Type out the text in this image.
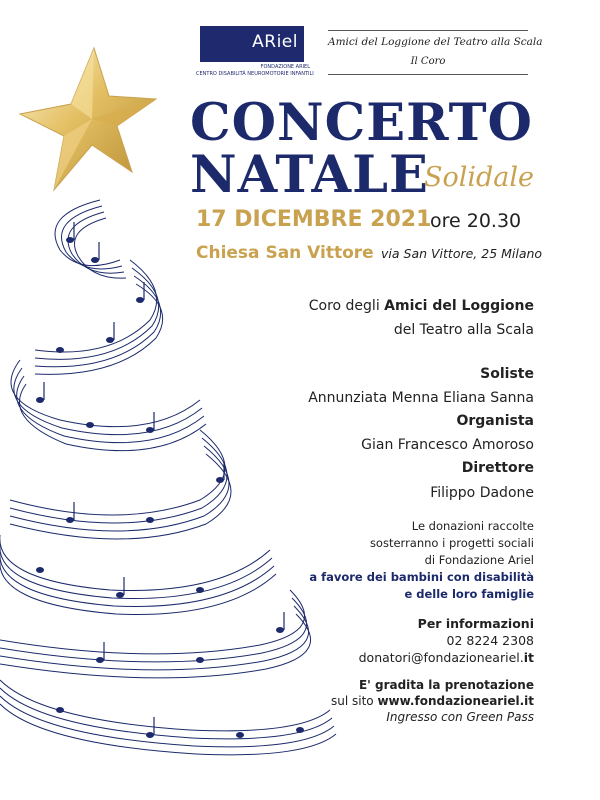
ARiel
FONDAZIONE ARIEL
CENTRO DISABILITÀ NEUROMOTORIE INFANTILI
Amici del Loggione del Teatro alla Scala
Il Coro
CONCERTO
NATALE
Solidale
17 DICEMBRE 2021
ore 20.30
Chiesa San Vittore via San Vittore, 25 Milano
Coro degli Amici del Loggione
del Teatro alla Scala
Soliste
Annunziata Menna Eliana Sanna
Organista
Gian Francesco Amoroso
Direttore
Filippo Dadone
Le donazioni raccolte
sosterranno i progetti sociali
di Fondazione Ariel
a favore dei bambini con disabilità
e delle loro famiglie
Per informazioni
02 8224 2308
donatori@fondazioneariel.it
E' gradita la prenotazione
sul sito www.fondazioneariel.it
Ingresso con Green Pass
